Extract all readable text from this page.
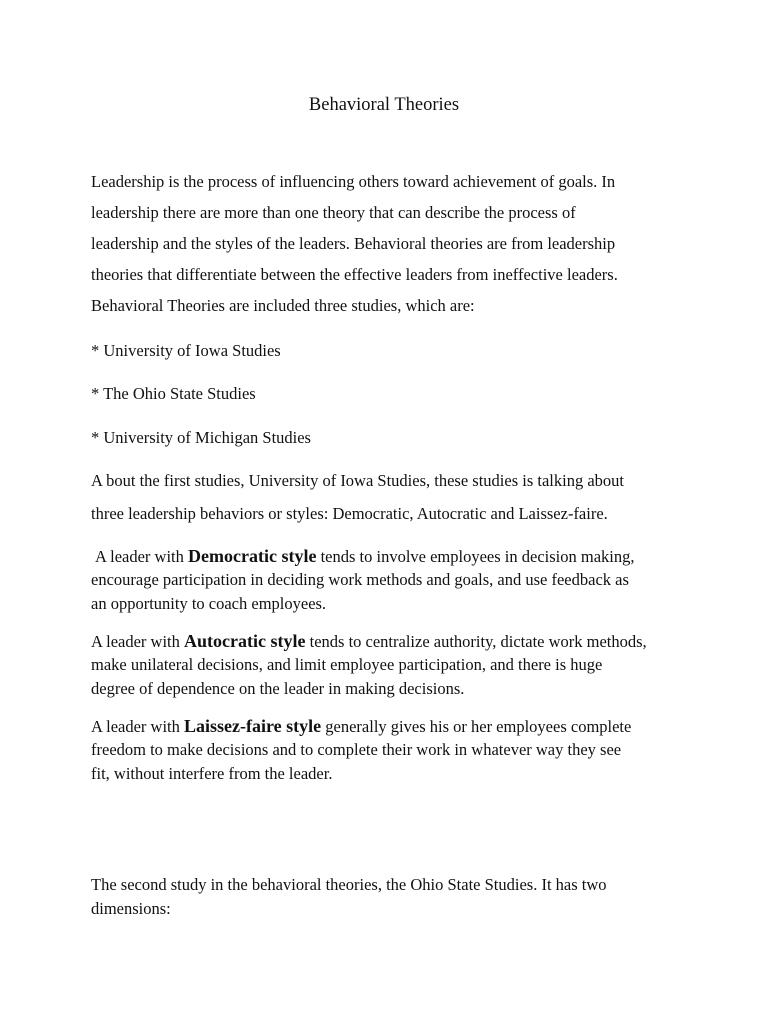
Behavioral Theories
Leadership is the process of influencing others toward achievement of goals. In
leadership there are more than one theory that can describe the process of
leadership and the styles of the leaders. Behavioral theories are from leadership
theories that differentiate between the effective leaders from ineffective leaders.
Behavioral Theories are included three studies, which are:
* University of Iowa Studies
* The Ohio State Studies
* University of Michigan Studies
A bout the first studies, University of Iowa Studies, these studies is talking about
three leadership behaviors or styles: Democratic, Autocratic and Laissez-faire.
A leader with Democratic style tends to involve employees in decision making,
encourage participation in deciding work methods and goals, and use feedback as
an opportunity to coach employees.
A leader with Autocratic style tends to centralize authority, dictate work methods,
make unilateral decisions, and limit employee participation, and there is huge
degree of dependence on the leader in making decisions.
A leader with Laissez-faire style generally gives his or her employees complete
freedom to make decisions and to complete their work in whatever way they see
fit, without interfere from the leader.
The second study in the behavioral theories, the Ohio State Studies. It has two
dimensions:
